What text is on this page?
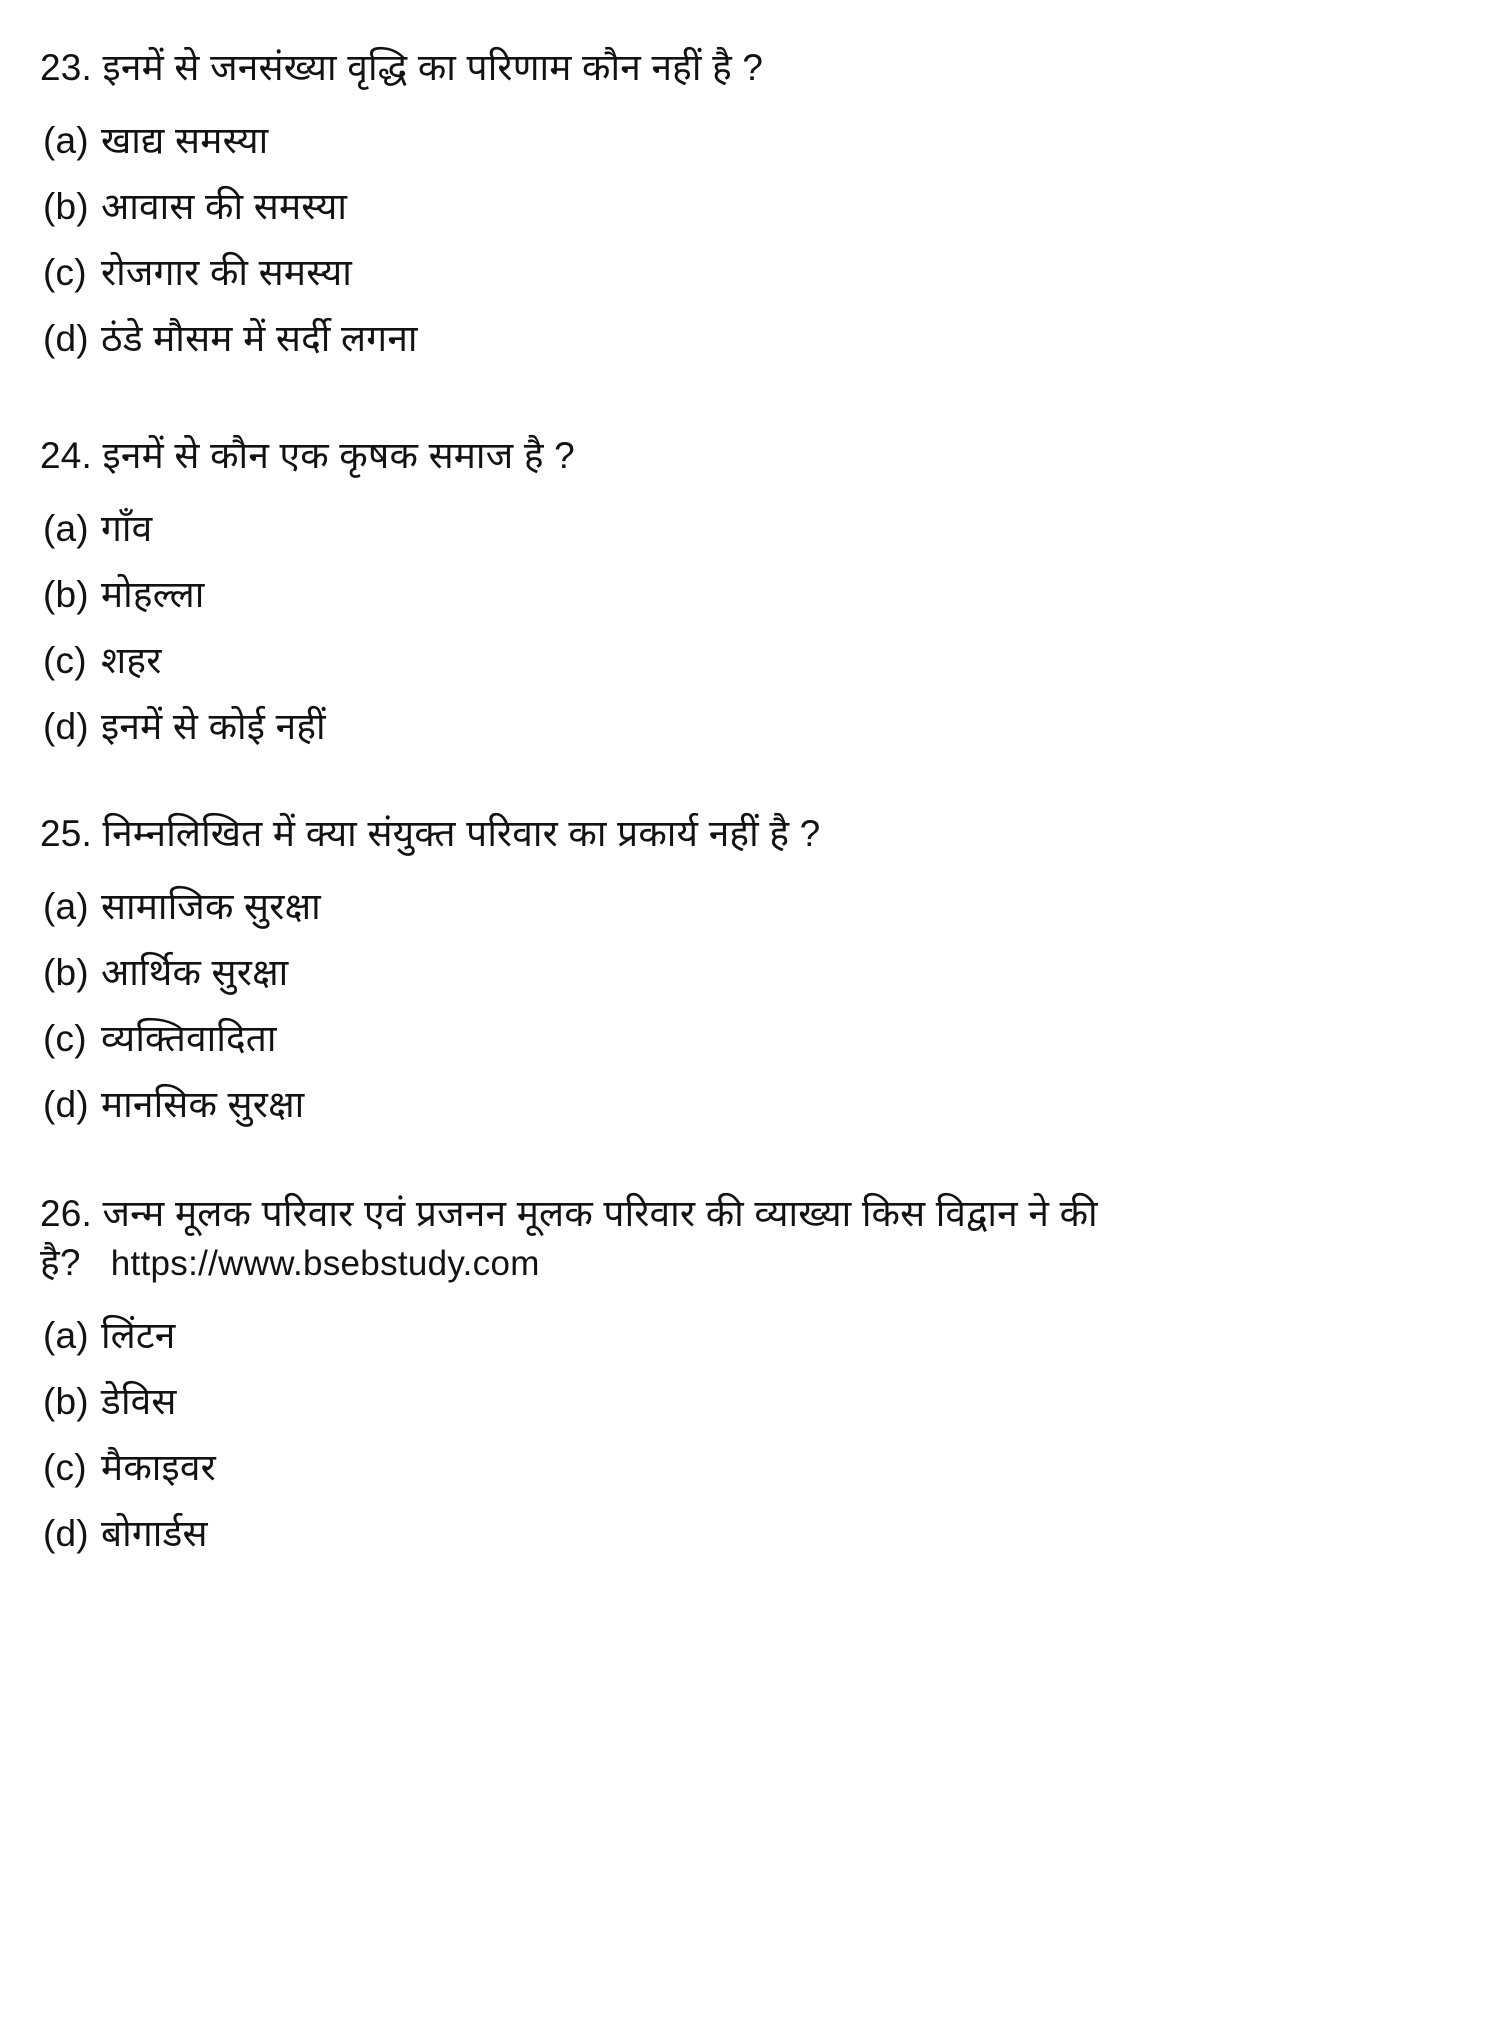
23. इनमें से जनसंख्या वृद्धि का परिणाम कौन नहीं है ?
(a) खाद्य समस्या
(b) आवास की समस्या
(c) रोजगार की समस्या
(d) ठंडे मौसम में सर्दी लगना
24. इनमें से कौन एक कृषक समाज है ?
(a) गाँव
(b) मोहल्ला
(c) शहर
(d) इनमें से कोई नहीं
25. निम्नलिखित में क्या संयुक्त परिवार का प्रकार्य नहीं है ?
(a) सामाजिक सुरक्षा
(b) आर्थिक सुरक्षा
(c) व्यक्तिवादिता
(d) मानसिक सुरक्षा
26. जन्म मूलक परिवार एवं प्रजनन मूलक परिवार की व्याख्या किस विद्वान ने की
है?   https://www.bsebstudy.com
(a) लिंटन
(b) डेविस
(c) मैकाइवर
(d) बोगार्डस
